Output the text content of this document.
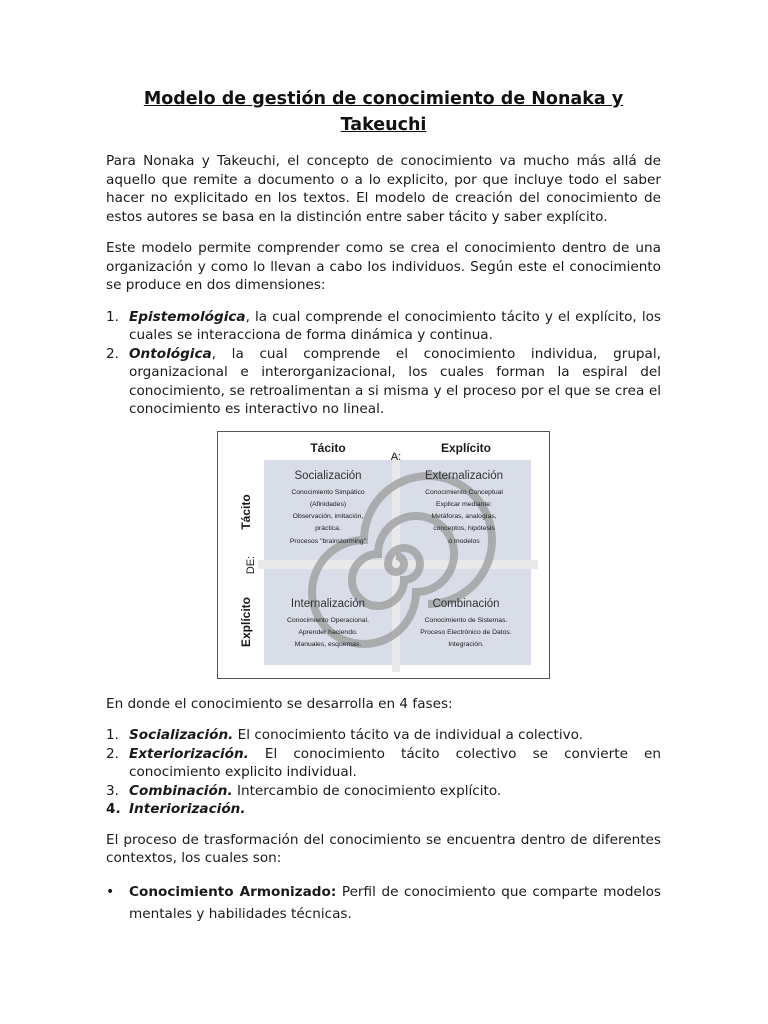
Modelo de gestión de conocimiento de Nonaka y Takeuchi

Para Nonaka y Takeuchi, el concepto de conocimiento va mucho más allá de aquello que remite a documento o a lo explicito, por que incluye todo el saber hacer no explicitado en los textos. El modelo de creación del conocimiento de estos autores se basa en la distinción entre saber tácito y saber explícito.

Este modelo permite comprender como se crea el conocimiento dentro de una organización y como lo llevan a cabo los individuos. Según este el conocimiento se produce en dos dimensiones:

1. Epistemológica, la cual comprende el conocimiento tácito y el explícito, los cuales se interacciona de forma dinámica y continua.
2. Ontológica, la cual comprende el conocimiento individua, grupal, organizacional e interorganizacional, los cuales forman la espiral del conocimiento, se retroalimentan a si misma y el proceso por el que se crea el conocimiento es interactivo no lineal.
Tácito
A:
Explícito
Tácito
DE:
Explícito
Socialización
Conocimiento Simpático
(Afinidades)
Observación, imitación,
práctica.
Procesos "brainstorming"
Externalización
Conocimiento Conceptual
Explicar mediante:
Metáforas, analogías,
conceptos, hipótesis
ó modelos
Internalización
Conocimiento Operacional.
Aprender haciendo.
Manuales, esquemas.
Combinación
Conocimiento de Sistemas.
Proceso Electrónico de Datos.
Integración.

En donde el conocimiento se desarrolla en 4 fases:

1. Socialización. El conocimiento tácito va de individual a colectivo.
2. Exteriorización. El conocimiento tácito colectivo se convierte en conocimiento explicito individual.
3. Combinación. Intercambio de conocimiento explícito.
4. Interiorización.

El proceso de trasformación del conocimiento se encuentra dentro de diferentes contextos, los cuales son:

• Conocimiento Armonizado: Perfil de conocimiento que comparte modelos mentales y habilidades técnicas.
